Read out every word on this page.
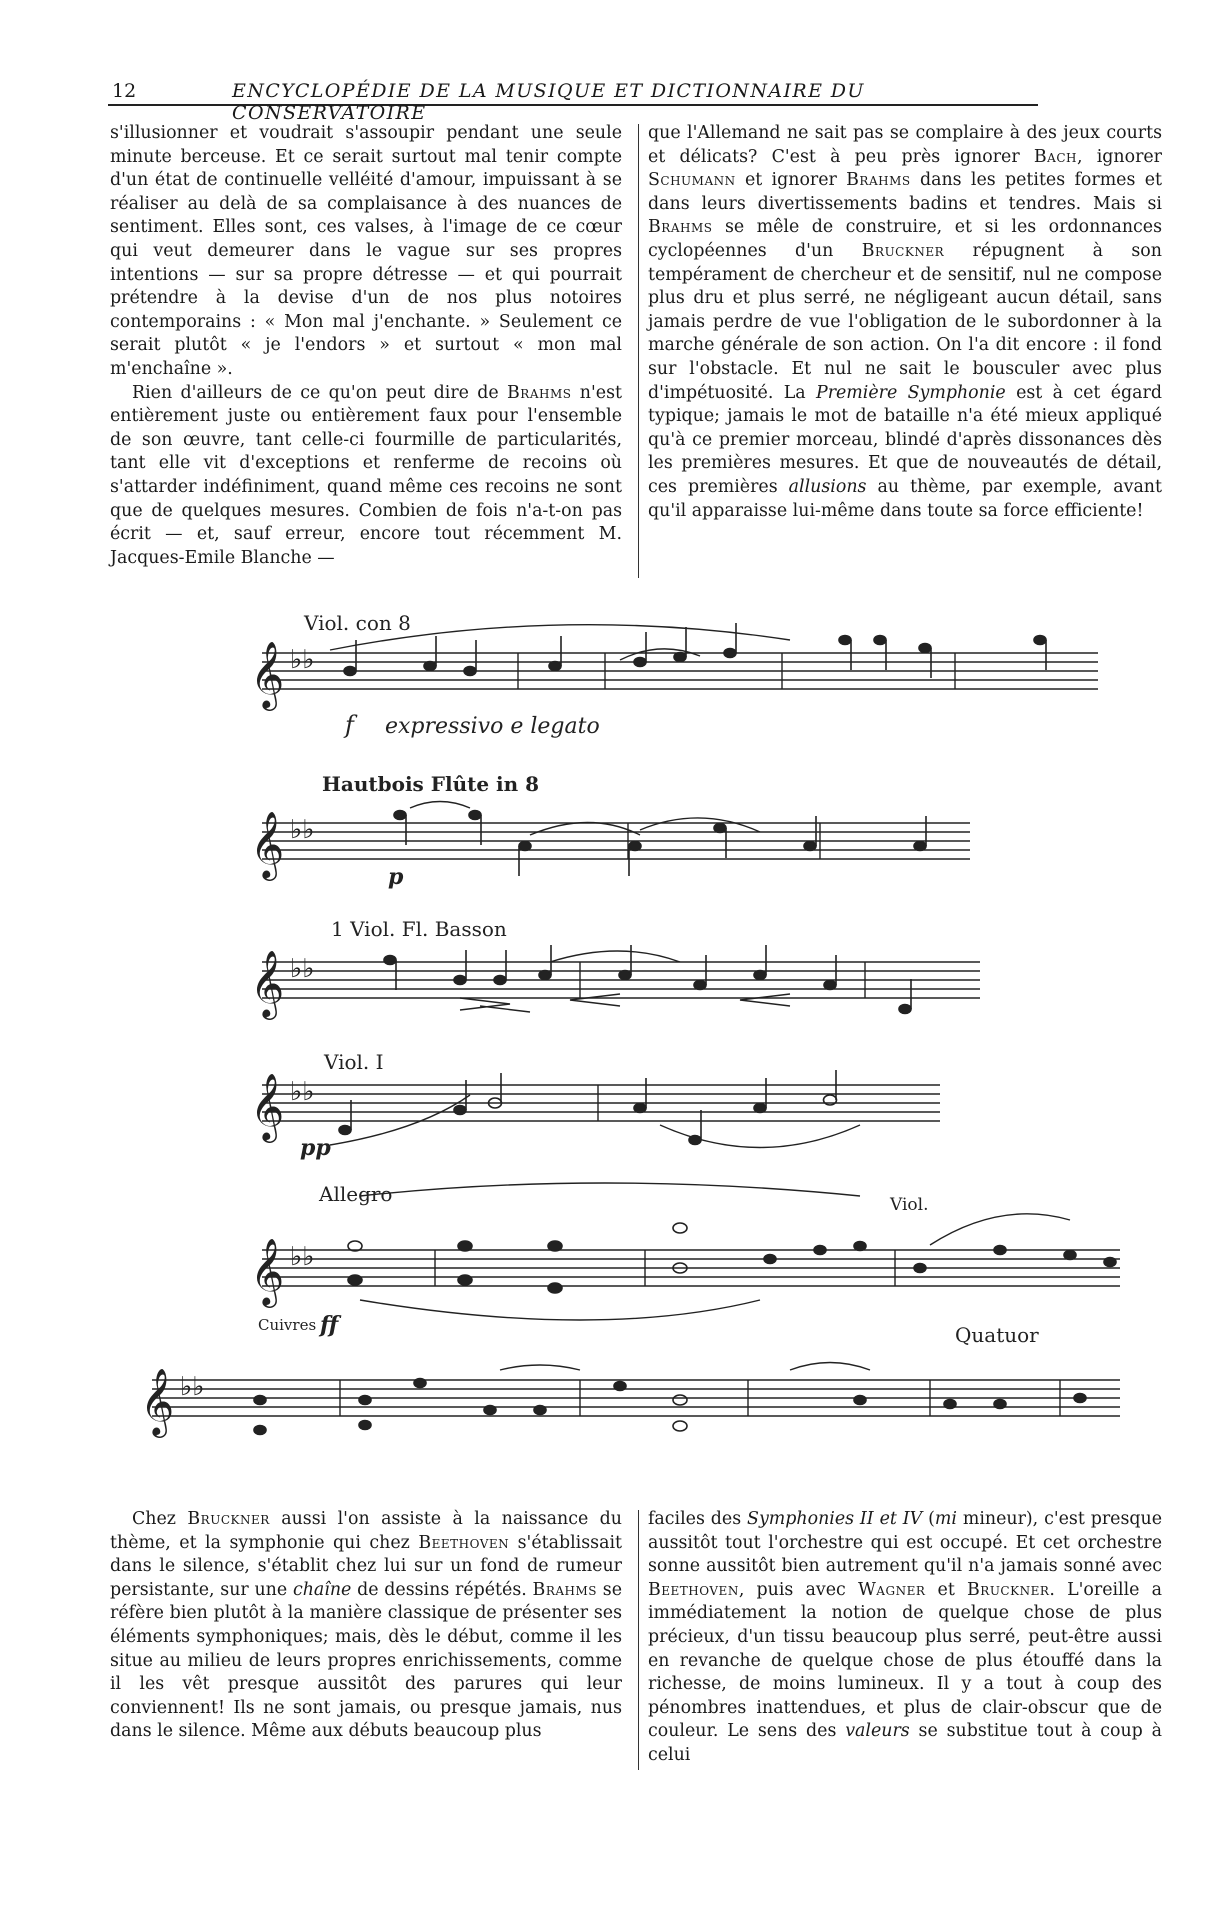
12	ENCYCLOPÉDIE DE LA MUSIQUE ET DICTIONNAIRE DU CONSERVATOIRE

s'illusionner et voudrait s'assoupir pendant une seule minute berceuse. Et ce serait surtout mal tenir compte d'un état de continuelle velléité d'amour, impuissant à se réaliser au delà de sa complaisance à des nuances de sentiment. Elles sont, ces valses, à l'image de ce cœur qui veut demeurer dans le vague sur ses propres intentions — sur sa propre détresse — et qui pourrait prétendre à la devise d'un de nos plus notoires contemporains : « Mon mal j'enchante. » Seulement ce serait plutôt « je l'endors » et surtout « mon mal m'enchaîne ».

Rien d'ailleurs de ce qu'on peut dire de Brahms n'est entièrement juste ou entièrement faux pour l'ensemble de son œuvre, tant celle-ci fourmille de particularités, tant elle vit d'exceptions et renferme de recoins où s'attarder indéfiniment, quand même ces recoins ne sont que de quelques mesures. Combien de fois n'a-t-on pas écrit — et, sauf erreur, encore tout récemment M. Jacques-Emile Blanche —

que l'Allemand ne sait pas se complaire à des jeux courts et délicats? C'est à peu près ignorer Bach, ignorer Schumann et ignorer Brahms dans les petites formes et dans leurs divertissements badins et tendres. Mais si Brahms se mêle de construire, et si les ordonnances cyclopéennes d'un Bruckner répugnent à son tempérament de chercheur et de sensitif, nul ne compose plus dru et plus serré, ne négligeant aucun détail, sans jamais perdre de vue l'obligation de le subordonner à la marche générale de son action. On l'a dit encore : il fond sur l'obstacle. Et nul ne sait le bousculer avec plus d'impétuosité. La Première Symphonie est à cet égard typique; jamais le mot de bataille n'a été mieux appliqué qu'à ce premier morceau, blindé d'après dissonances dès les premières mesures. Et que de nouveautés de détail, ces premières allusions au thème, par exemple, avant qu'il apparaisse lui-même dans toute sa force efficiente!

𝄞
𝄞
𝄞
𝄞
𝄞
𝄞
♭♭
♭♭
♭♭
♭♭
♭♭
♭♭
Viol. con 8
f expressivo e legato
Hautbois Flûte in 8
p
1 Viol. Fl. Basson
Viol. I
pp
Allegro
Cuivres ff
Viol.
Quatuor

Chez Bruckner aussi l'on assiste à la naissance du thème, et la symphonie qui chez Beethoven s'établissait dans le silence, s'établit chez lui sur un fond de rumeur persistante, sur une chaîne de dessins répétés. Brahms se réfère bien plutôt à la manière classique de présenter ses éléments symphoniques; mais, dès le début, comme il les situe au milieu de leurs propres enrichissements, comme il les vêt presque aussitôt des parures qui leur conviennent! Ils ne sont jamais, ou presque jamais, nus dans le silence. Même aux débuts beaucoup plus

faciles des Symphonies II et IV (mi mineur), c'est presque aussitôt tout l'orchestre qui est occupé. Et cet orchestre sonne aussitôt bien autrement qu'il n'a jamais sonné avec Beethoven, puis avec Wagner et Bruckner. L'oreille a immédiatement la notion de quelque chose de plus précieux, d'un tissu beaucoup plus serré, peut-être aussi en revanche de quelque chose de plus étouffé dans la richesse, de moins lumineux. Il y a tout à coup des pénombres inattendues, et plus de clair-obscur que de couleur. Le sens des valeurs se substitue tout à coup à celui
